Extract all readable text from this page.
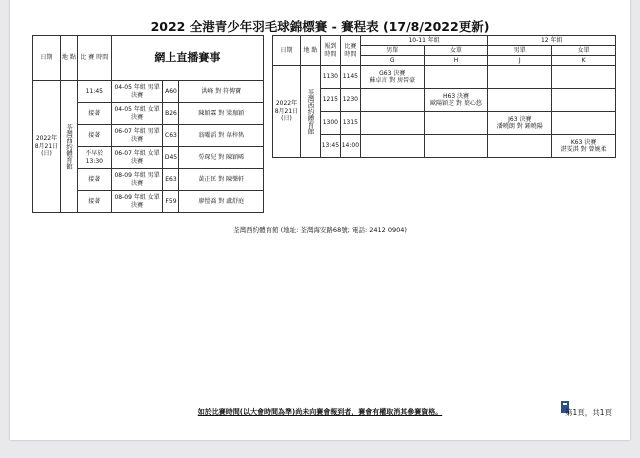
2022 全港青少年羽毛球錦標賽 - 賽程表 (17/8/2022更新)
日期	地 點	比 賽 時間	網上直播賽事		
2022年 8月21日 (日)	荃灣西約體育館	11:45	04-05 年組 男單 決賽	A60	洪峰 對 符傳寶
		接著	04-05 年組 女單 決賽	B26	陳穎霖 對 梁珈穎
		接著	06-07 年組 男單 決賽	C63	翁曜滔 對 韋梓雋
		不早於 13:30	06-07 年組 女單 決賽	D45	勞琛兒 對 陳穎晞
		接著	08-09 年組 男單 決賽	E63	黃正匡 對 陳樂軒
		接著	08-09 年組 女單 決賽	F59	廖愷喬 對 盧舒庭
日期	地 點	報到 時間	比賽 時間	10-11 年組		12 年組	
				男單	女單	男單	女單
				G	H	J	K
2022年 8月21日 (日)	荃灣西約體育館	1130	1145	G63 決賽
蘇卓言 對 房晉豪			
		1215	1230		H63 決賽
歐陽穎芝 對 葉心悠		
		1300	1315			J63 決賽
潘曉朗 對 鍾曉陽	
		13:45	14:00				K63 決賽
湛雯淇 對 曾婉柔

荃灣西約體育館 (地址: 荃灣海安路68號; 電話: 2412 0904)
如於比賽時間(以大會時間為準)尚未向賽會報到者，賽會有權取消其參賽資格。	第1頁，共1頁
